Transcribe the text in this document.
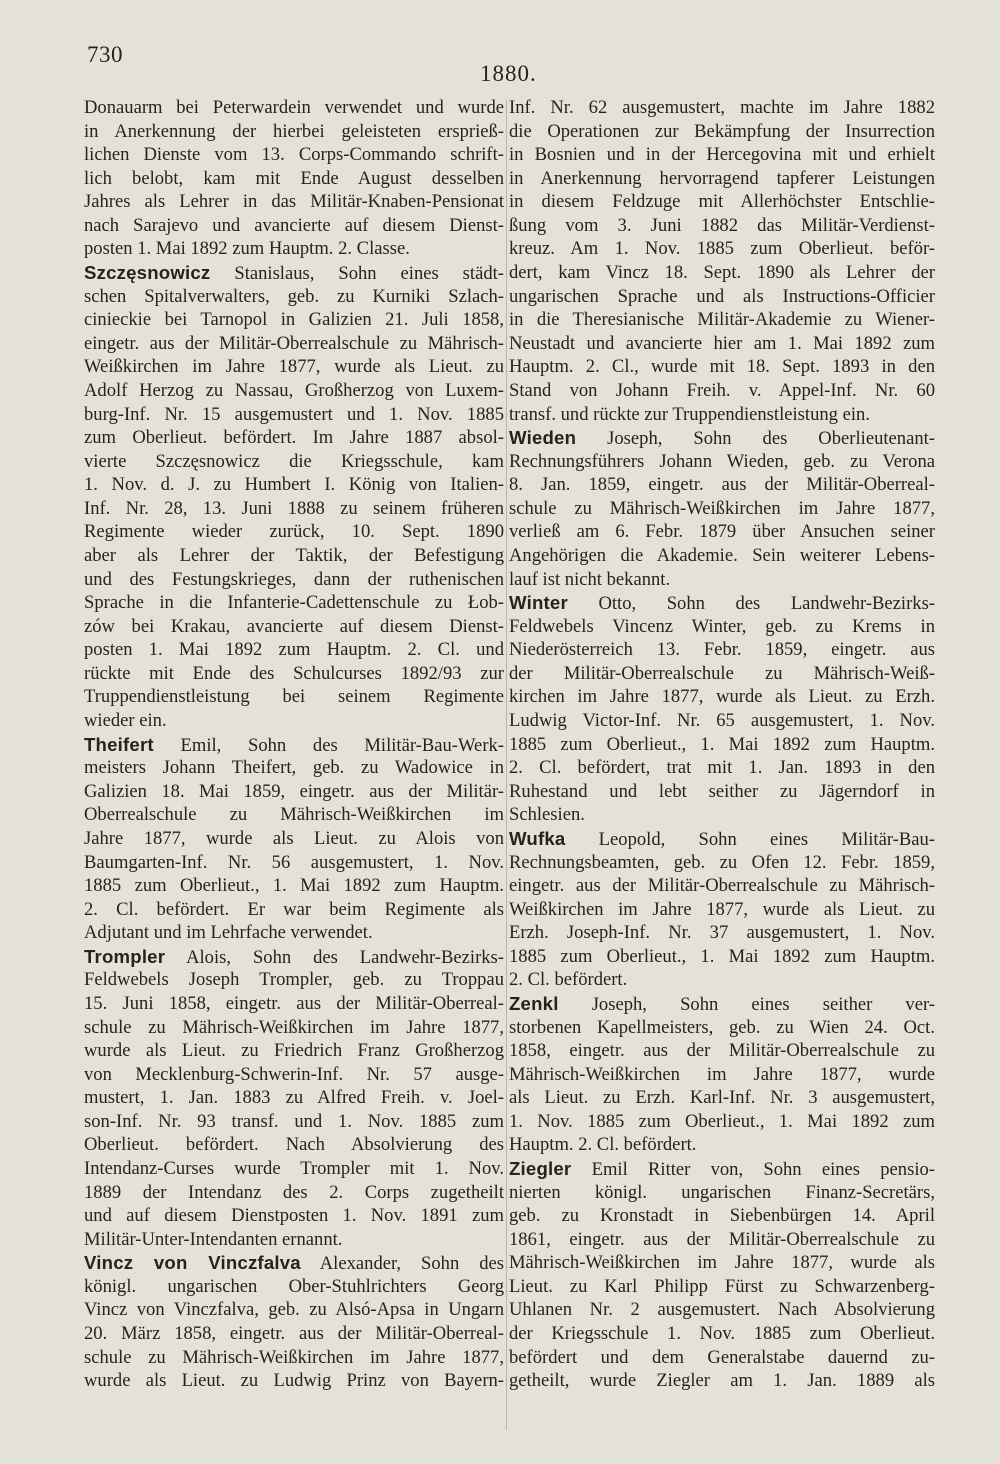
730
1880.
Donauarm bei Peterwardein verwendet und wurde
in Anerkennung der hierbei geleisteten ersprieß-
lichen Dienste vom 13. Corps-Commando schrift-
lich belobt, kam mit Ende August desselben
Jahres als Lehrer in das Militär-Knaben-Pensionat
nach Sarajevo und avancierte auf diesem Dienst-
posten 1. Mai 1892 zum Hauptm. 2. Classe.
Szczęsnowicz Stanislaus, Sohn eines städt-
schen Spitalverwalters, geb. zu Kurniki Szlach-
cinieckie bei Tarnopol in Galizien 21. Juli 1858,
eingetr. aus der Militär-Oberrealschule zu Mährisch-
Weißkirchen im Jahre 1877, wurde als Lieut. zu
Adolf Herzog zu Nassau, Großherzog von Luxem-
burg-Inf. Nr. 15 ausgemustert und 1. Nov. 1885
zum Oberlieut. befördert. Im Jahre 1887 absol-
vierte Szczęsnowicz die Kriegsschule, kam
1. Nov. d. J. zu Humbert I. König von Italien-
Inf. Nr. 28, 13. Juni 1888 zu seinem früheren
Regimente wieder zurück, 10. Sept. 1890
aber als Lehrer der Taktik, der Befestigung
und des Festungskrieges, dann der ruthenischen
Sprache in die Infanterie-Cadettenschule zu Łob-
zów bei Krakau, avancierte auf diesem Dienst-
posten 1. Mai 1892 zum Hauptm. 2. Cl. und
rückte mit Ende des Schulcurses 1892/93 zur
Truppendienstleistung bei seinem Regimente
wieder ein.
Theifert Emil, Sohn des Militär-Bau-Werk-
meisters Johann Theifert, geb. zu Wadowice in
Galizien 18. Mai 1859, eingetr. aus der Militär-
Oberrealschule zu Mährisch-Weißkirchen im
Jahre 1877, wurde als Lieut. zu Alois von
Baumgarten-Inf. Nr. 56 ausgemustert, 1. Nov.
1885 zum Oberlieut., 1. Mai 1892 zum Hauptm.
2. Cl. befördert. Er war beim Regimente als
Adjutant und im Lehrfache verwendet.
Trompler Alois, Sohn des Landwehr-Bezirks-
Feldwebels Joseph Trompler, geb. zu Troppau
15. Juni 1858, eingetr. aus der Militär-Oberreal-
schule zu Mährisch-Weißkirchen im Jahre 1877,
wurde als Lieut. zu Friedrich Franz Großherzog
von Mecklenburg-Schwerin-Inf. Nr. 57 ausge-
mustert, 1. Jan. 1883 zu Alfred Freih. v. Joel-
son-Inf. Nr. 93 transf. und 1. Nov. 1885 zum
Oberlieut. befördert. Nach Absolvierung des
Intendanz-Curses wurde Trompler mit 1. Nov.
1889 der Intendanz des 2. Corps zugetheilt
und auf diesem Dienstposten 1. Nov. 1891 zum
Militär-Unter-Intendanten ernannt.
Vincz von Vinczfalva Alexander, Sohn des
königl. ungarischen Ober-Stuhlrichters Georg
Vincz von Vinczfalva, geb. zu Alsó-Apsa in Ungarn
20. März 1858, eingetr. aus der Militär-Oberreal-
schule zu Mährisch-Weißkirchen im Jahre 1877,
wurde als Lieut. zu Ludwig Prinz von Bayern-
Inf. Nr. 62 ausgemustert, machte im Jahre 1882
die Operationen zur Bekämpfung der Insurrection
in Bosnien und in der Hercegovina mit und erhielt
in Anerkennung hervorragend tapferer Leistungen
in diesem Feldzuge mit Allerhöchster Entschlie-
ßung vom 3. Juni 1882 das Militär-Verdienst-
kreuz. Am 1. Nov. 1885 zum Oberlieut. beför-
dert, kam Vincz 18. Sept. 1890 als Lehrer der
ungarischen Sprache und als Instructions-Officier
in die Theresianische Militär-Akademie zu Wiener-
Neustadt und avancierte hier am 1. Mai 1892 zum
Hauptm. 2. Cl., wurde mit 18. Sept. 1893 in den
Stand von Johann Freih. v. Appel-Inf. Nr. 60
transf. und rückte zur Truppendienstleistung ein.
Wieden Joseph, Sohn des Oberlieutenant-
Rechnungsführers Johann Wieden, geb. zu Verona
8. Jan. 1859, eingetr. aus der Militär-Oberreal-
schule zu Mährisch-Weißkirchen im Jahre 1877,
verließ am 6. Febr. 1879 über Ansuchen seiner
Angehörigen die Akademie. Sein weiterer Lebens-
lauf ist nicht bekannt.
Winter Otto, Sohn des Landwehr-Bezirks-
Feldwebels Vincenz Winter, geb. zu Krems in
Niederösterreich 13. Febr. 1859, eingetr. aus
der Militär-Oberrealschule zu Mährisch-Weiß-
kirchen im Jahre 1877, wurde als Lieut. zu Erzh.
Ludwig Victor-Inf. Nr. 65 ausgemustert, 1. Nov.
1885 zum Oberlieut., 1. Mai 1892 zum Hauptm.
2. Cl. befördert, trat mit 1. Jan. 1893 in den
Ruhestand und lebt seither zu Jägerndorf in
Schlesien.
Wufka Leopold, Sohn eines Militär-Bau-
Rechnungsbeamten, geb. zu Ofen 12. Febr. 1859,
eingetr. aus der Militär-Oberrealschule zu Mährisch-
Weißkirchen im Jahre 1877, wurde als Lieut. zu
Erzh. Joseph-Inf. Nr. 37 ausgemustert, 1. Nov.
1885 zum Oberlieut., 1. Mai 1892 zum Hauptm.
2. Cl. befördert.
Zenkl Joseph, Sohn eines seither ver-
storbenen Kapellmeisters, geb. zu Wien 24. Oct.
1858, eingetr. aus der Militär-Oberrealschule zu
Mährisch-Weißkirchen im Jahre 1877, wurde
als Lieut. zu Erzh. Karl-Inf. Nr. 3 ausgemustert,
1. Nov. 1885 zum Oberlieut., 1. Mai 1892 zum
Hauptm. 2. Cl. befördert.
Ziegler Emil Ritter von, Sohn eines pensio-
nierten königl. ungarischen Finanz-Secretärs,
geb. zu Kronstadt in Siebenbürgen 14. April
1861, eingetr. aus der Militär-Oberrealschule zu
Mährisch-Weißkirchen im Jahre 1877, wurde als
Lieut. zu Karl Philipp Fürst zu Schwarzenberg-
Uhlanen Nr. 2 ausgemustert. Nach Absolvierung
der Kriegsschule 1. Nov. 1885 zum Oberlieut.
befördert und dem Generalstabe dauernd zu-
getheilt, wurde Ziegler am 1. Jan. 1889 als
